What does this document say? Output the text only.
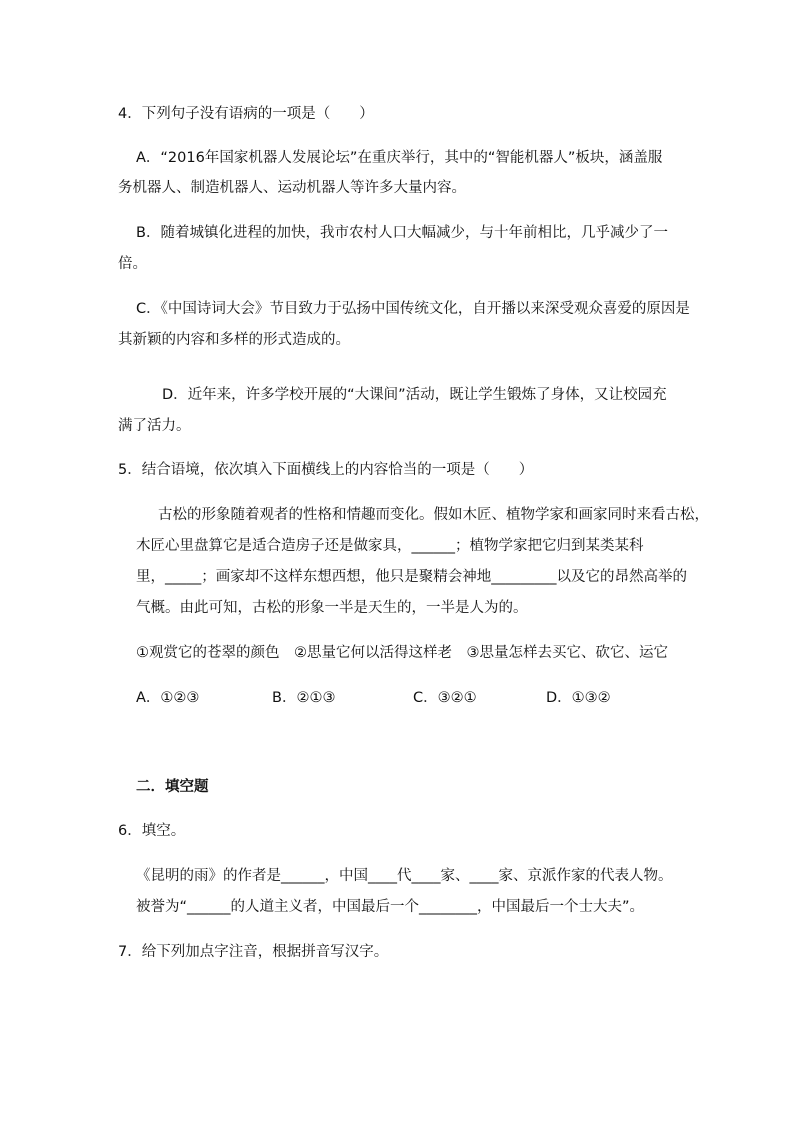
4．下列句子没有语病的一项是（　　）
A．“2016年国家机器人发展论坛”在重庆举行，其中的“智能机器人”板块，涵盖服
务机器人、制造机器人、运动机器人等许多大量内容。
B．随着城镇化进程的加快，我市农村人口大幅减少，与十年前相比，几乎减少了一
倍。
C．《中国诗词大会》节目致力于弘扬中国传统文化，自开播以来深受观众喜爱的原因是
其新颖的内容和多样的形式造成的。
D．近年来，许多学校开展的“大课间”活动，既让学生锻炼了身体，又让校园充
满了活力。
5．结合语境，依次填入下面横线上的内容恰当的一项是（　　）
古松的形象随着观者的性格和情趣而变化。假如木匠、植物学家和画家同时来看古松，
木匠心里盘算它是适合造房子还是做家具，______；植物学家把它归到某类某科
里，_____；画家却不这样东想西想，他只是聚精会神地_________以及它的昂然高举的
气概。由此可知，古松的形象一半是天生的，一半是人为的。
①观赏它的苍翠的颜色　②思量它何以活得这样老　③思量怎样去买它、砍它、运它
A．①②③	B．②①③	C．③②①	D．①③②
二．填空题
6．填空。
《昆明的雨》的作者是______，中国____代____家、____家、京派作家的代表人物。
被誉为“______的人道主义者，中国最后一个________，中国最后一个士大夫”。
7．给下列加点字注音，根据拼音写汉字。
